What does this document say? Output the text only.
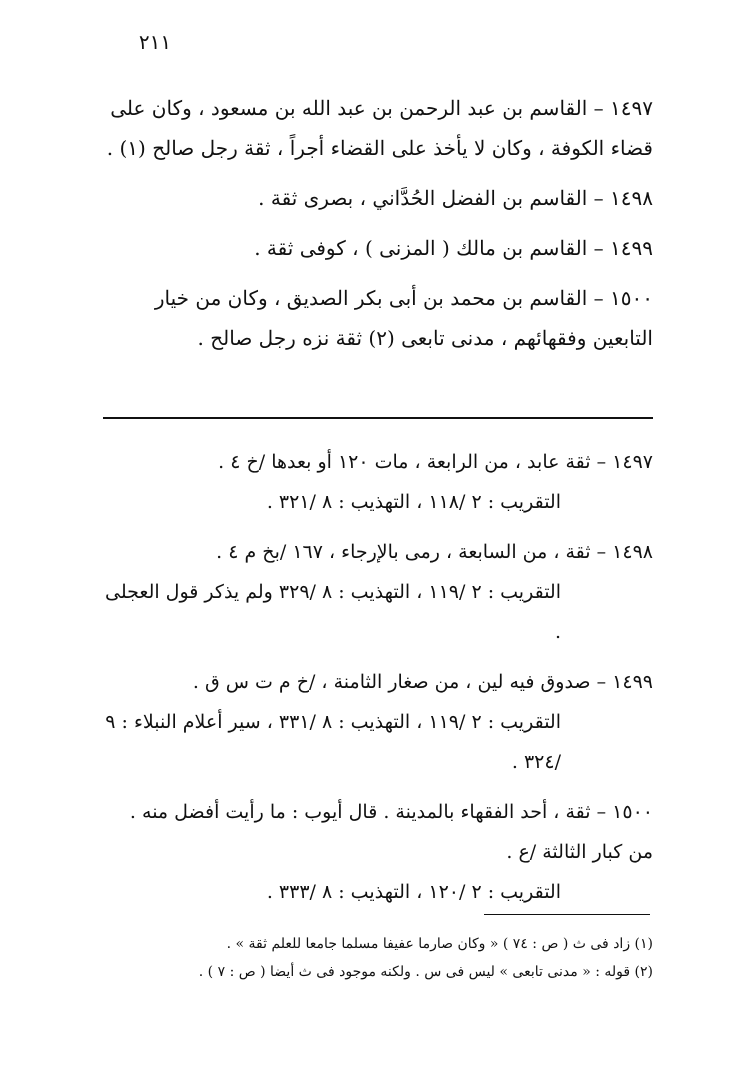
٢١١
١٤٩٧ – القاسم بن عبد الرحمن بن عبد الله بن مسعود ، وكان على قضاء الكوفة ، وكان لا يأخذ على القضاء أجراً ، ثقة رجل صالح (١) .
١٤٩٨ – القاسم بن الفضل الحُدَّاني ، بصرى ثقة .
١٤٩٩ – القاسم بن مالك ( المزنى ) ، كوفى ثقة .
١٥٠٠ – القاسم بن محمد بن أبى بكر الصديق ، وكان من خيار التابعين وفقهائهم ، مدنى تابعى (٢) ثقة نزه رجل صالح .
١٤٩٧ – ثقة عابد ، من الرابعة ، مات ١٢٠ أو بعدها /خ ٤ .
التقريب : ٢ /١١٨ ، التهذيب : ٨ /٣٢١ .
١٤٩٨ – ثقة ، من السابعة ، رمى بالإرجاء ، ١٦٧ /بخ م ٤ .
التقريب : ٢ /١١٩ ، التهذيب : ٨ /٣٢٩ ولم يذكر قول العجلى .
١٤٩٩ – صدوق فيه لين ، من صغار الثامنة ، /خ م ت س ق .
التقريب : ٢ /١١٩ ، التهذيب : ٨ /٣٣١ ، سير أعلام النبلاء : ٩ /٣٢٤ .
١٥٠٠ – ثقة ، أحد الفقهاء بالمدينة . قال أيوب : ما رأيت أفضل منه . من كبار الثالثة /ع .
التقريب : ٢ /١٢٠ ، التهذيب : ٨ /٣٣٣ .
(١) زاد فى ث ( ص : ٧٤ ) « وكان صارما عفيفا مسلما جامعا للعلم ثقة » .
(٢) قوله : « مدنى تابعى » ليس فى س . ولكنه موجود فى ث أيضا ( ص : ٧ ) .
